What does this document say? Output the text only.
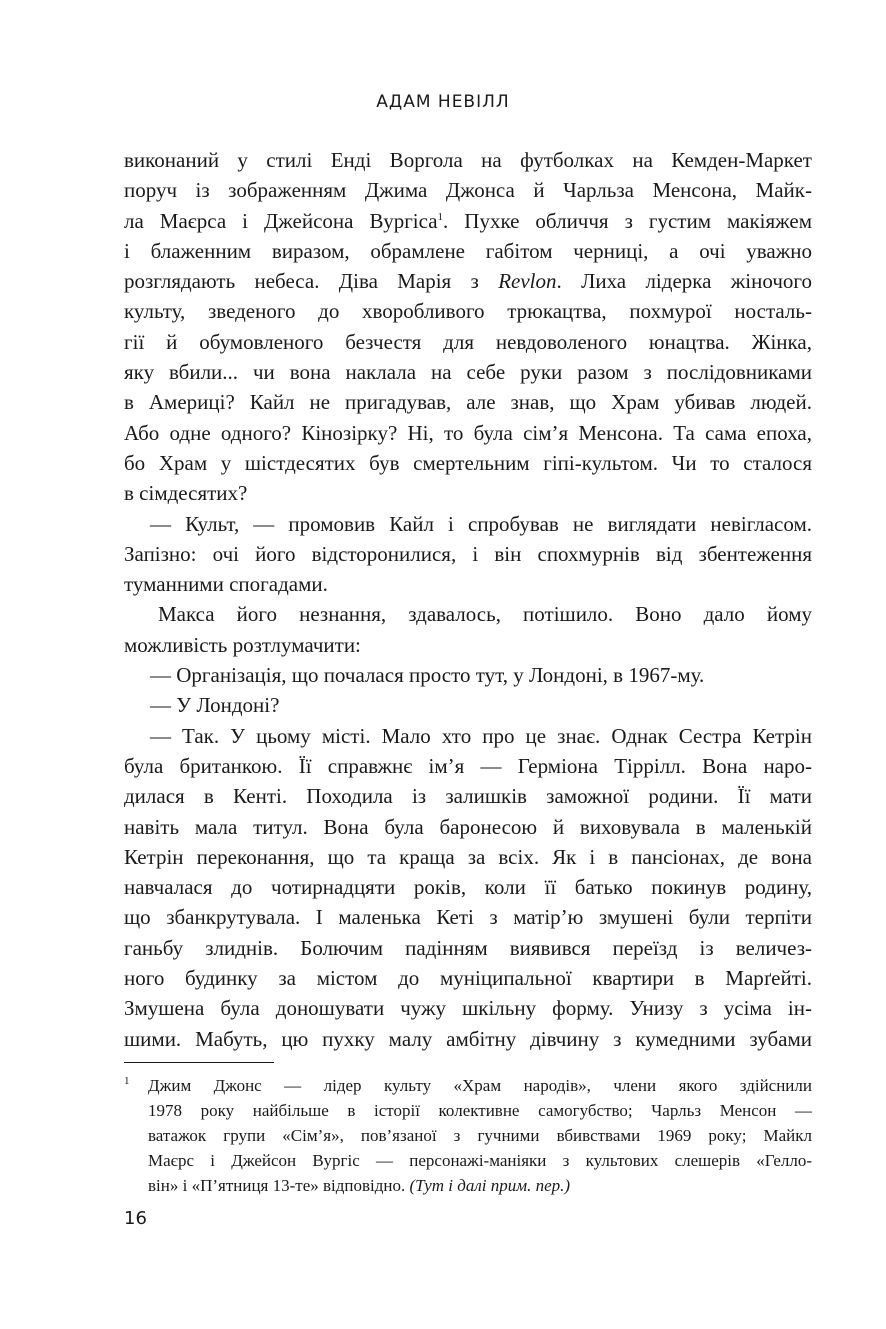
АДАМ НЕВІЛЛ
виконаний у стилі Енді Воргола на футболках на Кемден-Маркет
поруч із зображенням Джима Джонса й Чарльза Менсона, Майк-
ла Маєрса і Джейсона Вургіса$^1$. Пухке обличчя з густим макіяжем
і блаженним виразом, обрамлене габітом черниці, а очі уважно
розглядають небеса. Діва Марія з Revlon. Лиха лідерка жіночого
культу, зведеного до хворобливого трюкацтва, похмурої носталь-
гії й обумовленого безчестя для невдоволеного юнацтва. Жінка,
яку вбили... чи вона наклала на себе руки разом з послідовниками
в Америці? Кайл не пригадував, але знав, що Храм убивав людей.
Або одне одного? Кінозірку? Ні, то була сім’я Менсона. Та сама епоха,
бо Храм у шістдесятих був смертельним гіпі-культом. Чи то сталося
в сімдесятих?
— Культ, — промовив Кайл і спробував не виглядати невігласом.
Запізно: очі його відсторонилися, і він спохмурнів від збентеження
туманними спогадами.
Макса його незнання, здавалось, потішило. Воно дало йому
можливість розтлумачити:
— Організація, що почалася просто тут, у Лондоні, в 1967-му.
— У Лондоні?
— Так. У цьому місті. Мало хто про це знає. Однак Сестра Кетрін
була британкою. Її справжнє ім’я — Герміона Тіррілл. Вона наро-
дилася в Кенті. Походила із залишків заможної родини. Її мати
навіть мала титул. Вона була баронесою й виховувала в маленькій
Кетрін переконання, що та краща за всіх. Як і в пансіонах, де вона
навчалася до чотирнадцяти років, коли її батько покинув родину,
що збанкрутувала. І маленька Кеті з матір’ю змушені були терпіти
ганьбу злиднів. Болючим падінням виявився переїзд із величез-
ного будинку за містом до муніципальної квартири в Марґейті.
Змушена була доношувати чужу шкільну форму. Унизу з усіма ін-
шими. Мабуть, цю пухку малу амбітну дівчину з кумедними зубами
1 Джим Джонс — лідер культу «Храм народів», члени якого здійснили
1978 року найбільше в історії колективне самогубство; Чарльз Менсон —
ватажок групи «Сім’я», пов’язаної з гучними вбивствами 1969 року; Майкл
Маєрс і Джейсон Вургіс — персонажі-маніяки з культових слешерів «Гелло-
він» і «П’ятниця 13-те» відповідно. (Тут і далі прим. пер.)
16
